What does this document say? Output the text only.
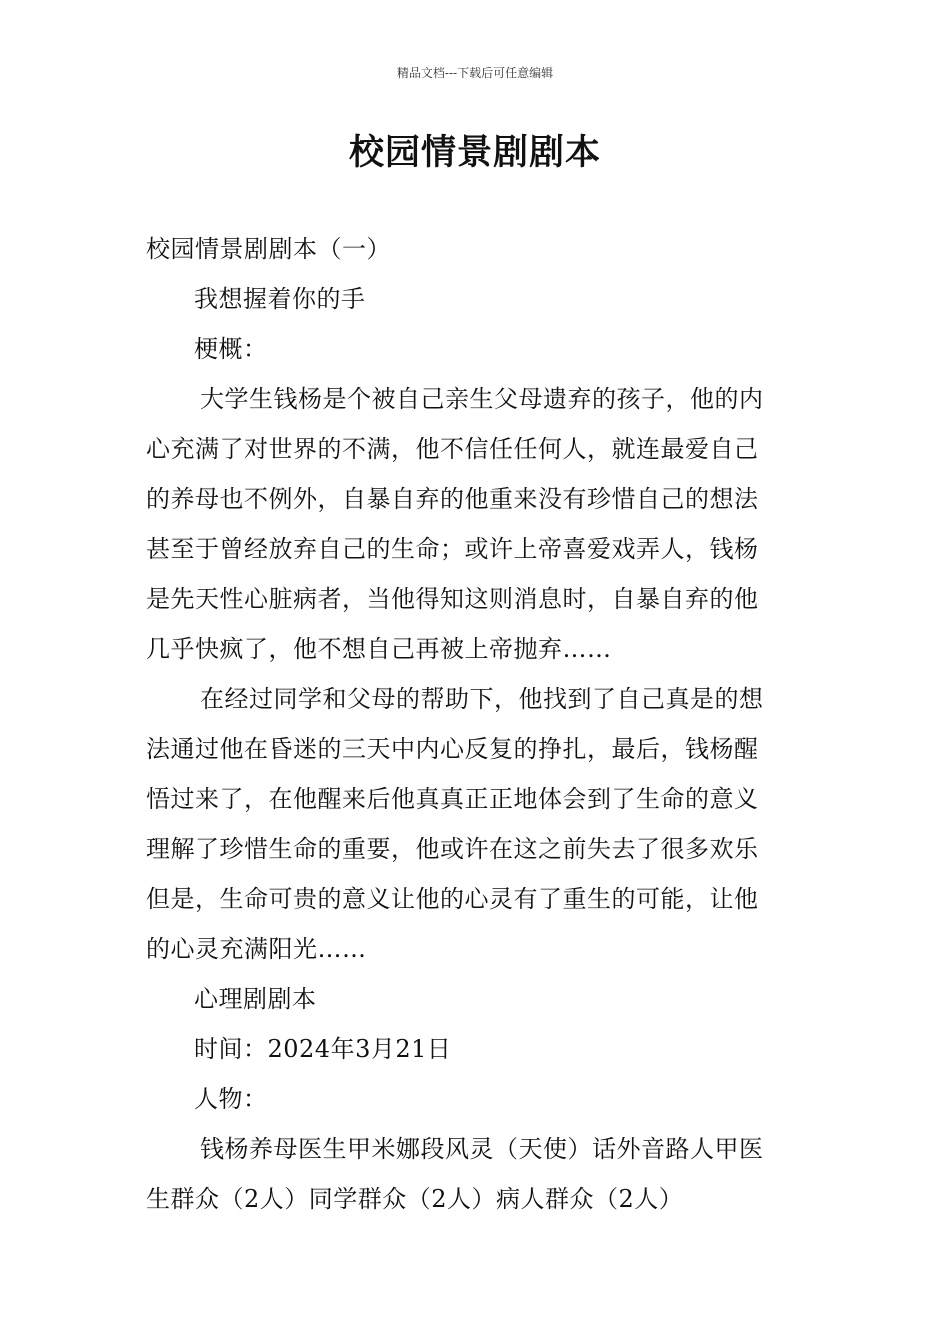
精品文档---下载后可任意编辑
校园情景剧剧本
校园情景剧剧本（一）
我想握着你的手
梗概：
大学生钱杨是个被自己亲生父母遗弃的孩子，他的内
心充满了对世界的不满，他不信任任何人，就连最爱自己
的养母也不例外，自暴自弃的他重来没有珍惜自己的想法
甚至于曾经放弃自己的生命；或许上帝喜爱戏弄人，钱杨
是先天性心脏病者，当他得知这则消息时，自暴自弃的他
几乎快疯了，他不想自己再被上帝抛弃……
在经过同学和父母的帮助下，他找到了自己真是的想
法通过他在昏迷的三天中内心反复的挣扎，最后，钱杨醒
悟过来了，在他醒来后他真真正正地体会到了生命的意义
理解了珍惜生命的重要，他或许在这之前失去了很多欢乐
但是，生命可贵的意义让他的心灵有了重生的可能，让他
的心灵充满阳光……
心理剧剧本
时间：2024年3月21日
人物：
钱杨养母医生甲米娜段风灵（天使）话外音路人甲医
生群众（2人）同学群众（2人）病人群众（2人）
